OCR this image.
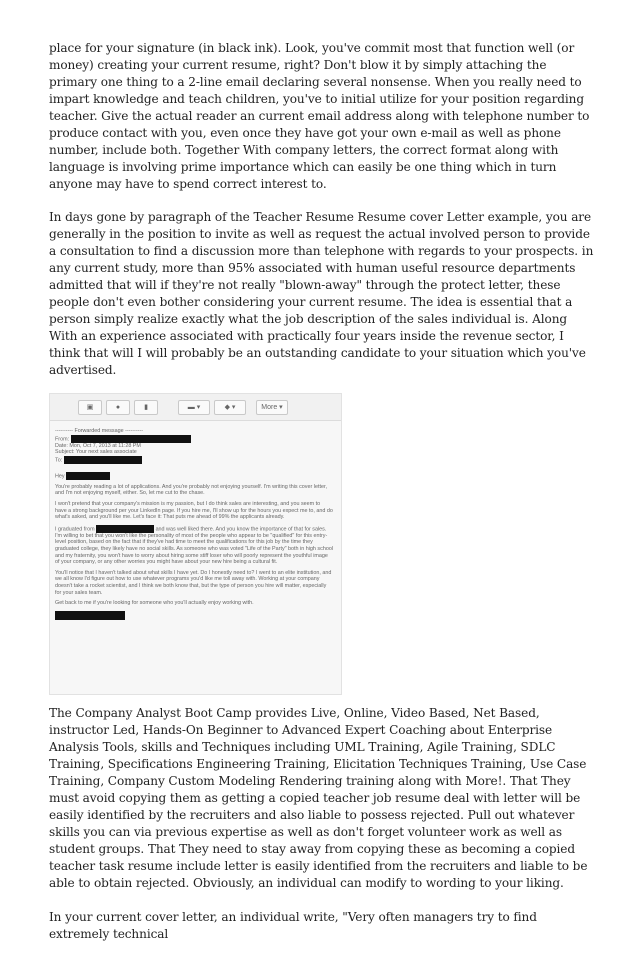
place for your signature (in black ink). Look, you've commit most that function well (or money) creating your current resume, right? Don't blow it by simply attaching the primary one thing to a 2-line email declaring several nonsense. When you really need to impart knowledge and teach children, you've to initial utilize for your position regarding teacher. Give the actual reader an current email address along with telephone number to produce contact with you, even once they have got your own e-mail as well as phone number, include both. Together With company letters, the correct format along with language is involving prime importance which can easily be one thing which in turn anyone may have to spend correct interest to.

In days gone by paragraph of the Teacher Resume Resume cover Letter example, you are generally in the position to invite as well as request the actual involved person to provide a consultation to find a discussion more than telephone with regards to your prospects. in any current study, more than 95% associated with human useful resource departments admitted that will if they're not really "blown-away" through the protect letter, these people don't even bother considering your current resume. The idea is essential that a person simply realize exactly what the job description of the sales individual is. Along With an experience associated with practically four years inside the revenue sector, I think that will I will probably be an outstanding candidate to your situation which you've advertised.

▣	●	▮	▬ ▾	◆ ▾	More ▾

---------- Forwarded message ----------

From:

Date: Mon, Oct 7, 2013 at 11:28 PM

Subject: Your next sales associate

To:

Hey

You're probably reading a lot of applications. And you're probably not enjoying yourself. I'm writing this cover letter, and I'm not enjoying myself, either. So, let me cut to the chase.

I won't pretend that your company's mission is my passion, but I do think sales are interesting, and you seem to have a strong background per your LinkedIn page. If you hire me, I'll show up for the hours you expect me to, and do what's asked, and you'll like me. Let's face it: That puts me ahead of 99% the applicants already.

I graduated from	and was well liked there. And you know the importance of that for sales. I'm willing to bet that you won't like the personality of most of the people who appear to be "qualified" for this entry-level position, based on the fact that if they've had time to meet the qualifications for this job by the time they graduated college, they likely have no social skills. As someone who was voted "Life of the Party" both in high school and my fraternity, you won't have to worry about hiring some stiff loser who will poorly represent the youthful image of your company, or any other worries you might have about your new hire being a cultural fit.

You'll notice that I haven't talked about what skills I have yet. Do I honestly need to? I went to an elite institution, and we all know I'd figure out how to use whatever programs you'd like me toll away with. Working at your company doesn't take a rocket scientist, and I think we both know that, but the type of person you hire will matter, especially for your sales team.

Get back to me if you're looking for someone who you'll actually enjoy working with.

The Company Analyst Boot Camp provides Live, Online, Video Based, Net Based, instructor Led, Hands-On Beginner to Advanced Expert Coaching about Enterprise Analysis Tools, skills and Techniques including UML Training, Agile Training, SDLC Training, Specifications Engineering Training, Elicitation Techniques Training, Use Case Training, Company Custom Modeling Rendering training along with More!. That They must avoid copying them as getting a copied teacher job resume deal with letter will be easily identified by the recruiters and also liable to possess rejected. Pull out whatever skills you can via previous expertise as well as don't forget volunteer work as well as student groups. That They need to stay away from copying these as becoming a copied teacher task resume include letter is easily identified from the recruiters and liable to be able to obtain rejected. Obviously, an individual can modify to wording to your liking.

In your current cover letter, an individual write, "Very often managers try to find extremely technical
